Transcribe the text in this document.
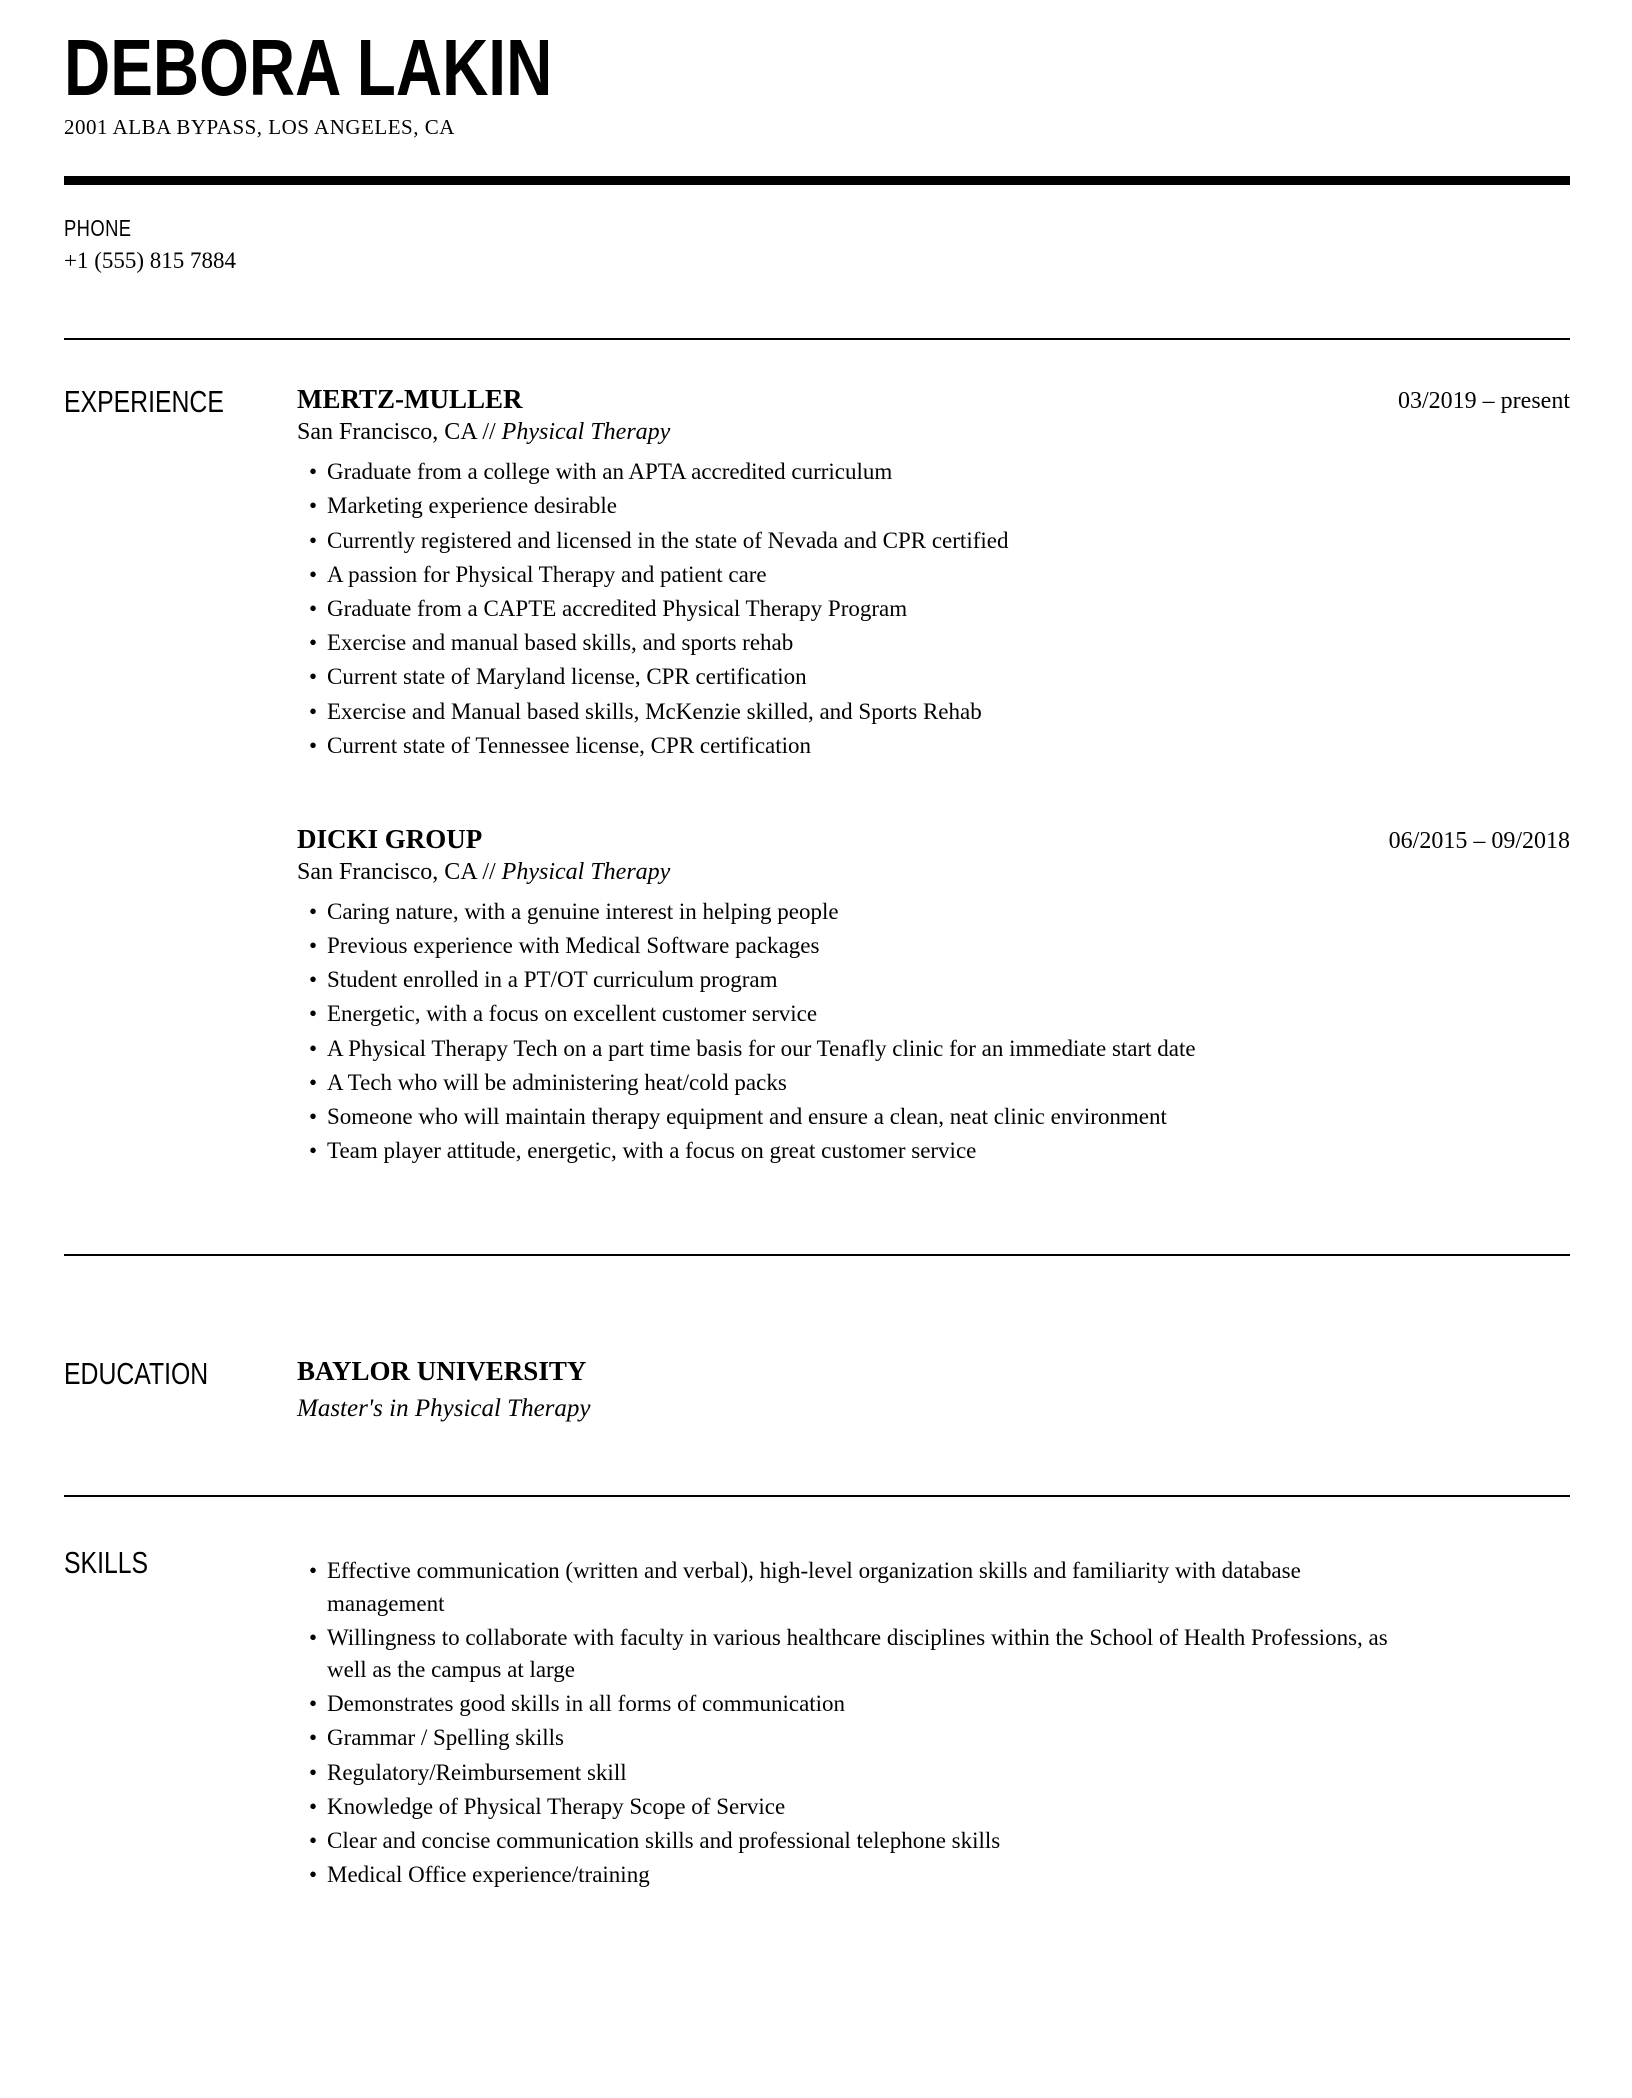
DEBORA LAKIN
2001 ALBA BYPASS, LOS ANGELES, CA
PHONE
+1 (555) 815 7884
EXPERIENCE	MERTZ-MULLER	03/2019 – present
San Francisco, CA // Physical Therapy
• Graduate from a college with an APTA accredited curriculum
• Marketing experience desirable
• Currently registered and licensed in the state of Nevada and CPR certified
• A passion for Physical Therapy and patient care
• Graduate from a CAPTE accredited Physical Therapy Program
• Exercise and manual based skills, and sports rehab
• Current state of Maryland license, CPR certification
• Exercise and Manual based skills, McKenzie skilled, and Sports Rehab
• Current state of Tennessee license, CPR certification
DICKI GROUP	06/2015 – 09/2018
San Francisco, CA // Physical Therapy
• Caring nature, with a genuine interest in helping people
• Previous experience with Medical Software packages
• Student enrolled in a PT/OT curriculum program
• Energetic, with a focus on excellent customer service
• A Physical Therapy Tech on a part time basis for our Tenafly clinic for an immediate start date
• A Tech who will be administering heat/cold packs
• Someone who will maintain therapy equipment and ensure a clean, neat clinic environment
• Team player attitude, energetic, with a focus on great customer service
EDUCATION	BAYLOR UNIVERSITY
Master's in Physical Therapy
SKILLS	• Effective communication (written and verbal), high-level organization skills and familiarity with database management
• Willingness to collaborate with faculty in various healthcare disciplines within the School of Health Professions, as well as the campus at large
• Demonstrates good skills in all forms of communication
• Grammar / Spelling skills
• Regulatory/Reimbursement skill
• Knowledge of Physical Therapy Scope of Service
• Clear and concise communication skills and professional telephone skills
• Medical Office experience/training
